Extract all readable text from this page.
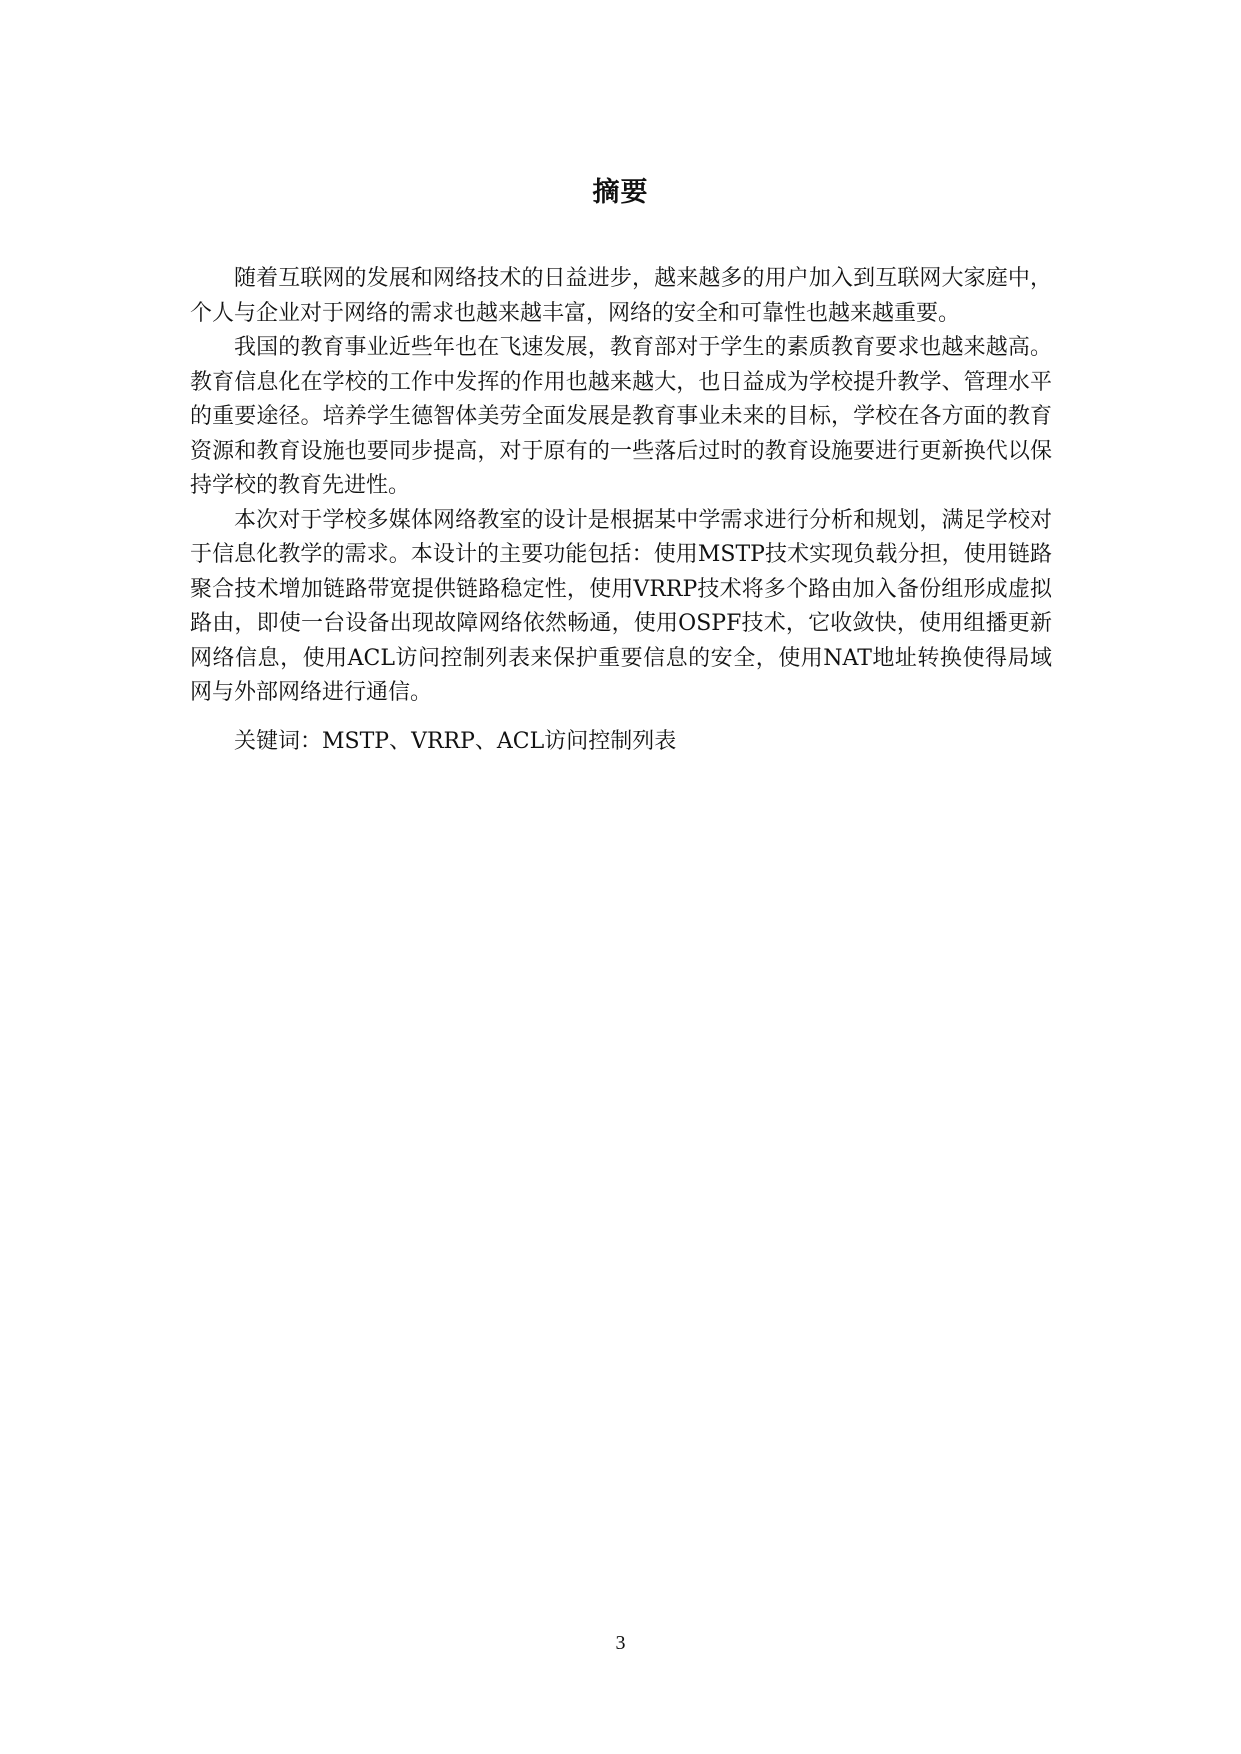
摘要

随着互联网的发展和网络技术的日益进步，越来越多的用户加入到互联网大家庭中，个人与企业对于网络的需求也越来越丰富，网络的安全和可靠性也越来越重要。

我国的教育事业近些年也在飞速发展，教育部对于学生的素质教育要求也越来越高。教育信息化在学校的工作中发挥的作用也越来越大，也日益成为学校提升教学、管理水平的重要途径。培养学生德智体美劳全面发展是教育事业未来的目标，学校在各方面的教育资源和教育设施也要同步提高，对于原有的一些落后过时的教育设施要进行更新换代以保持学校的教育先进性。

本次对于学校多媒体网络教室的设计是根据某中学需求进行分析和规划，满足学校对于信息化教学的需求。本设计的主要功能包括：使用MSTP技术实现负载分担，使用链路聚合技术增加链路带宽提供链路稳定性，使用VRRP技术将多个路由加入备份组形成虚拟路由，即使一台设备出现故障网络依然畅通，使用OSPF技术，它收敛快，使用组播更新网络信息，使用ACL访问控制列表来保护重要信息的安全，使用NAT地址转换使得局域网与外部网络进行通信。

关键词：MSTP、VRRP、ACL访问控制列表

3
